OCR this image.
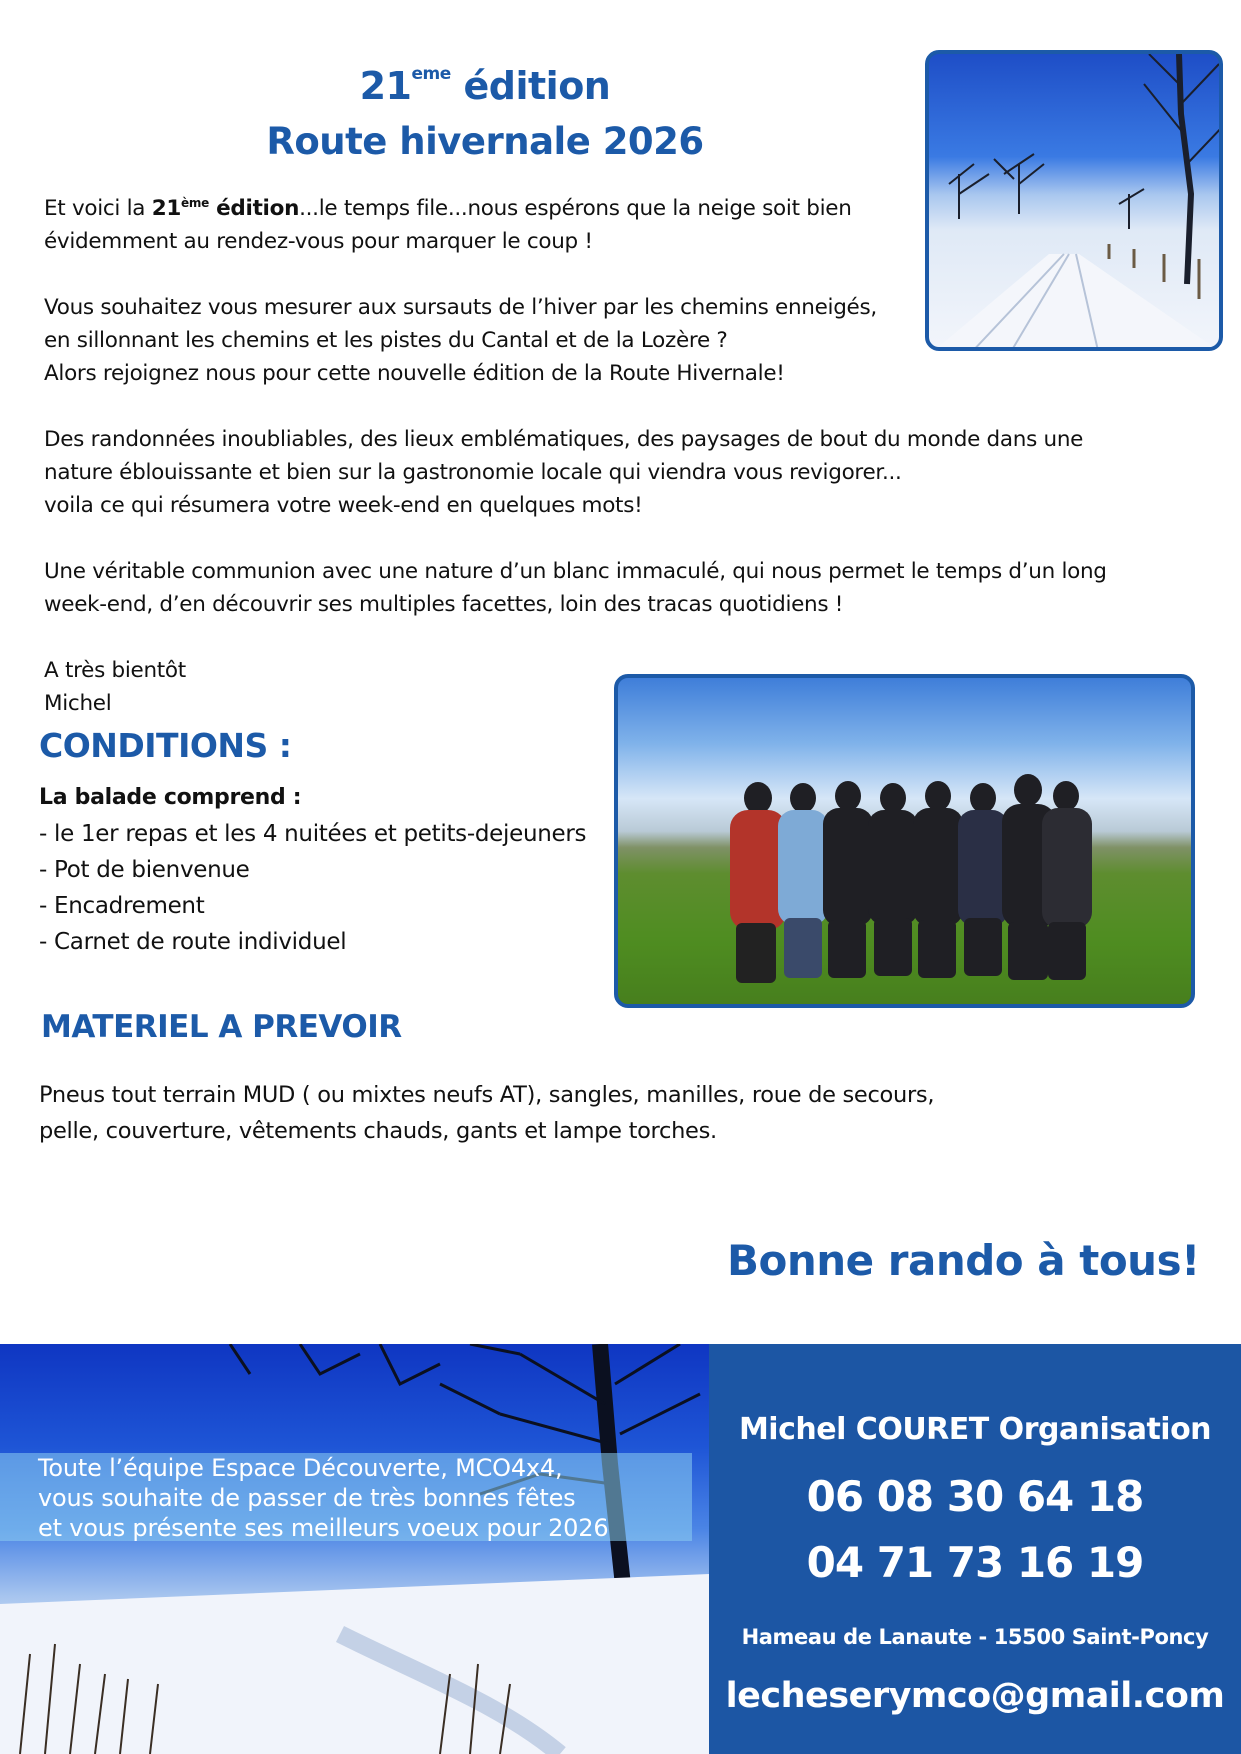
21eme édition
Route hivernale 2026

Et voici la 21ème édition...le temps file...nous espérons que la neige soit bien
évidemment au rendez-vous pour marquer le coup !

Vous souhaitez vous mesurer aux sursauts de l’hiver par les chemins enneigés,
en sillonnant les chemins et les pistes du Cantal et de la Lozère ?
Alors rejoignez nous pour cette nouvelle édition de la Route Hivernale!

Des randonnées inoubliables, des lieux emblématiques, des paysages de bout du monde dans une
nature éblouissante et bien sur la gastronomie locale qui viendra vous revigorer...
voila ce qui résumera votre week-end en quelques mots!

Une véritable communion avec une nature d’un blanc immaculé, qui nous permet le temps d’un long
week-end, d’en découvrir ses multiples facettes, loin des tracas quotidiens !

A très bientôt
Michel
CONDITIONS :
La balade comprend :
- le 1er repas et les 4 nuitées et petits-dejeuners
- Pot de bienvenue
- Encadrement
- Carnet de route individuel
MATERIEL A PREVOIR
Pneus tout terrain MUD ( ou mixtes neufs AT), sangles, manilles, roue de secours,
pelle, couverture, vêtements chauds, gants et lampe torches.
Bonne rando à tous!
Toute l’équipe Espace Découverte, MCO4x4,
vous souhaite de passer de très bonnes fêtes
et vous présente ses meilleurs voeux pour 2026
Michel COURET Organisation
06 08 30 64 18
04 71 73 16 19
Hameau de Lanaute - 15500 Saint-Poncy
lecheserymco@gmail.com
